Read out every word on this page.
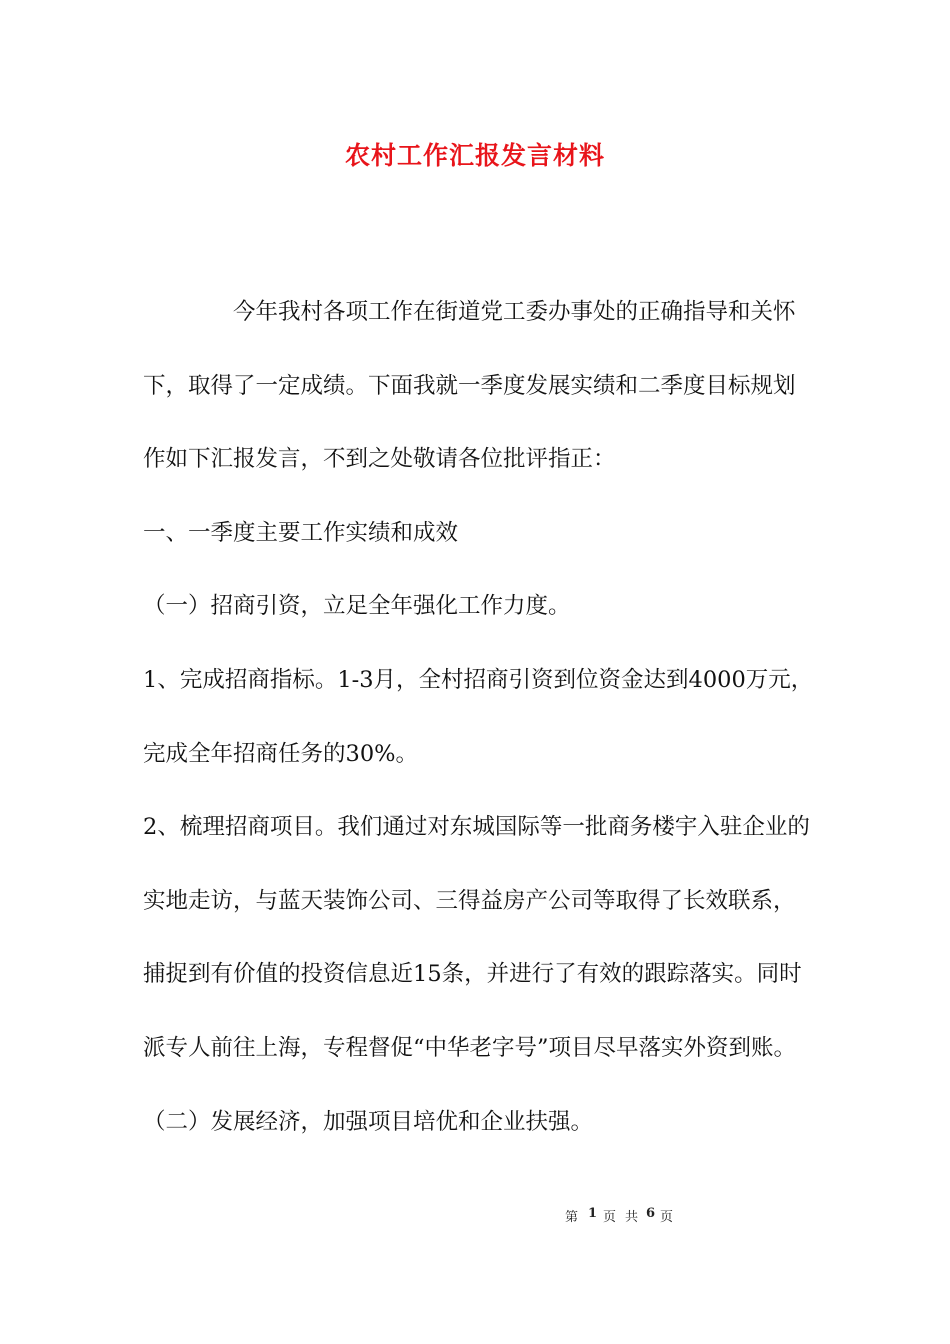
农村工作汇报发言材料
今年我村各项工作在街道党工委办事处的正确指导和关怀
下，取得了一定成绩。下面我就一季度发展实绩和二季度目标规划
作如下汇报发言，不到之处敬请各位批评指正：
一、一季度主要工作实绩和成效
（一）招商引资，立足全年强化工作力度。
1、完成招商指标。1-3月，全村招商引资到位资金达到4000万元，
完成全年招商任务的30%。
2、梳理招商项目。我们通过对东城国际等一批商务楼宇入驻企业的
实地走访，与蓝天装饰公司、三得益房产公司等取得了长效联系，
捕捉到有价值的投资信息近15条，并进行了有效的跟踪落实。同时
派专人前往上海，专程督促“中华老字号”项目尽早落实外资到账。
（二）发展经济，加强项目培优和企业扶强。
第 1 页 共 6 页
